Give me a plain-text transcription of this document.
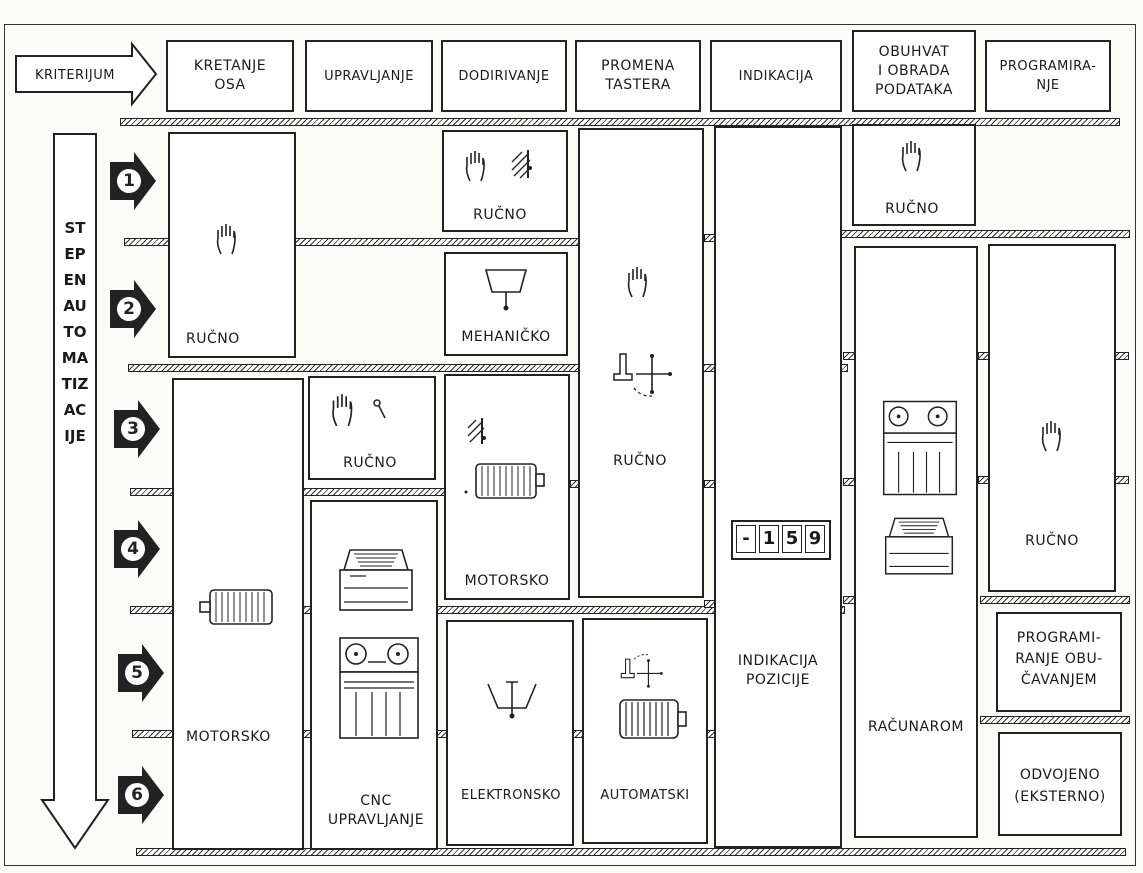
KRITERIJUM
KRETANJE
OSA
UPRAVLJANJE	DODIRIVANJE
PROMENA
TASTERA
INDIKACIJA
OBUHVAT
I OBRADA
PODATAKA
PROGRAMIRA-
NJE
STEPEN AUTOMATIZACIJE
1
2
3
4
5
6
RUČNO
MOTORSKO
RUČNO
CNC
UPRAVLJANJE
RUČNO
MEHANIČKO
MOTORSKO
ELEKTRONSKO
RUČNO
AUTOMATSKI
- 1 5 9
INDIKACIJA
POZICIJE
RUČNO
RAČUNAROM
RUČNO
PROGRAMI-
RANJE OBU-
ČAVANJEM
ODVOJENO
(EKSTERNO)
